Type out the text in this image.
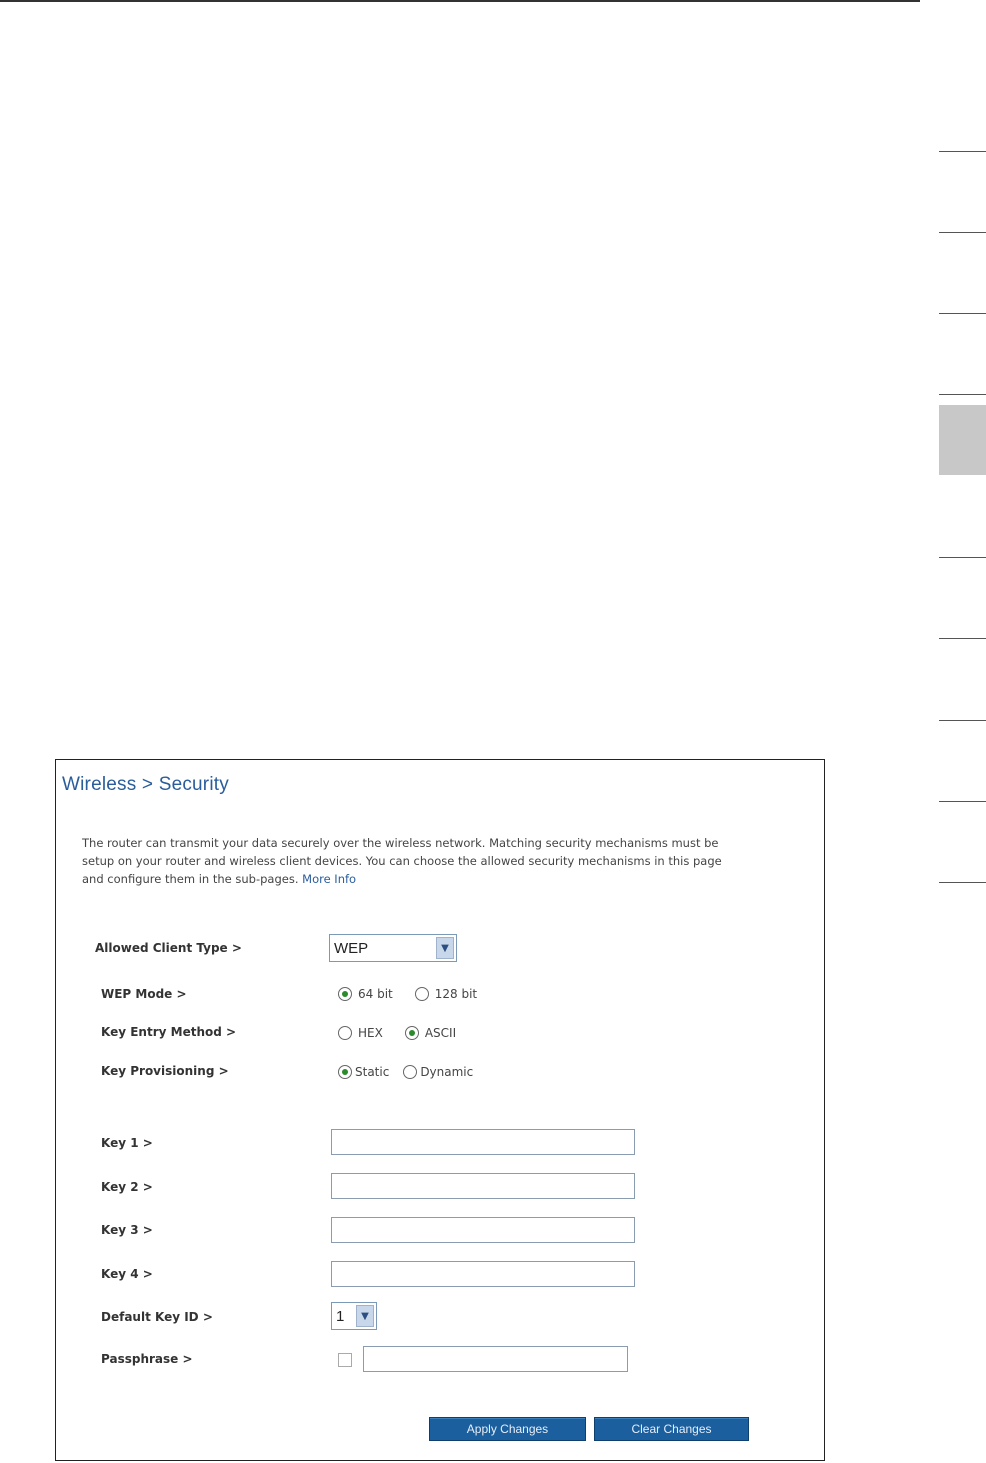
Wireless > Security
The router can transmit your data securely over the wireless network. Matching security mechanisms must be setup on your router and wireless client devices. You can choose the allowed security mechanisms in this page and configure them in the sub-pages. More Info
Allowed Client Type >	WEP	▼
WEP Mode >	64 bit	128 bit
Key Entry Method >	HEX	ASCII
Key Provisioning >	Static	Dynamic
Key 1 >
Key 2 >
Key 3 >
Key 4 >
Default Key ID >	1	▼
Passphrase >
Apply Changes	Clear Changes
